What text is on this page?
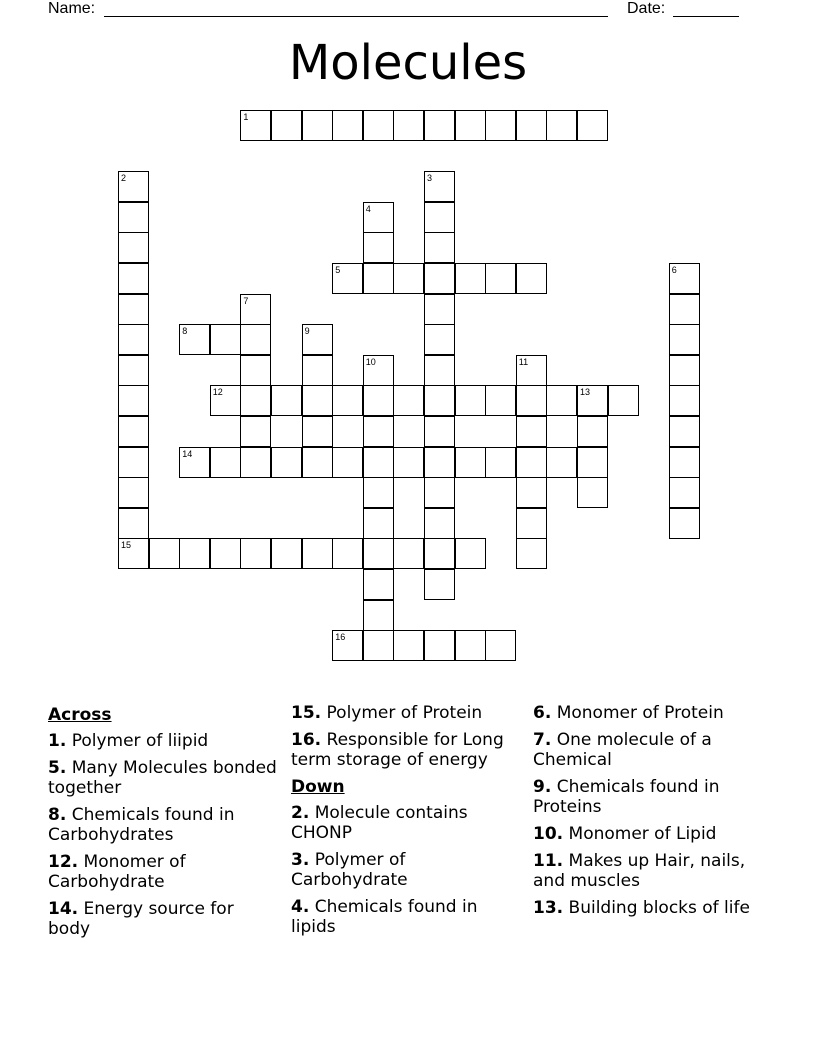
Name:	Date:
Molecules
1
2	3
4
5	6
7
8	9
10	11
12	13
14
15
16
Across
1. Polymer of liipid
5. Many Molecules bonded together
8. Chemicals found in Carbohydrates
12. Monomer of Carbohydrate
14. Energy source for body
15. Polymer of Protein
16. Responsible for Long term storage of energy
Down
2. Molecule contains CHONP
3. Polymer of Carbohydrate
4. Chemicals found in lipids
6. Monomer of Protein
7. One molecule of a Chemical
9. Chemicals found in Proteins
10. Monomer of Lipid
11. Makes up Hair, nails, and muscles
13. Building blocks of life
